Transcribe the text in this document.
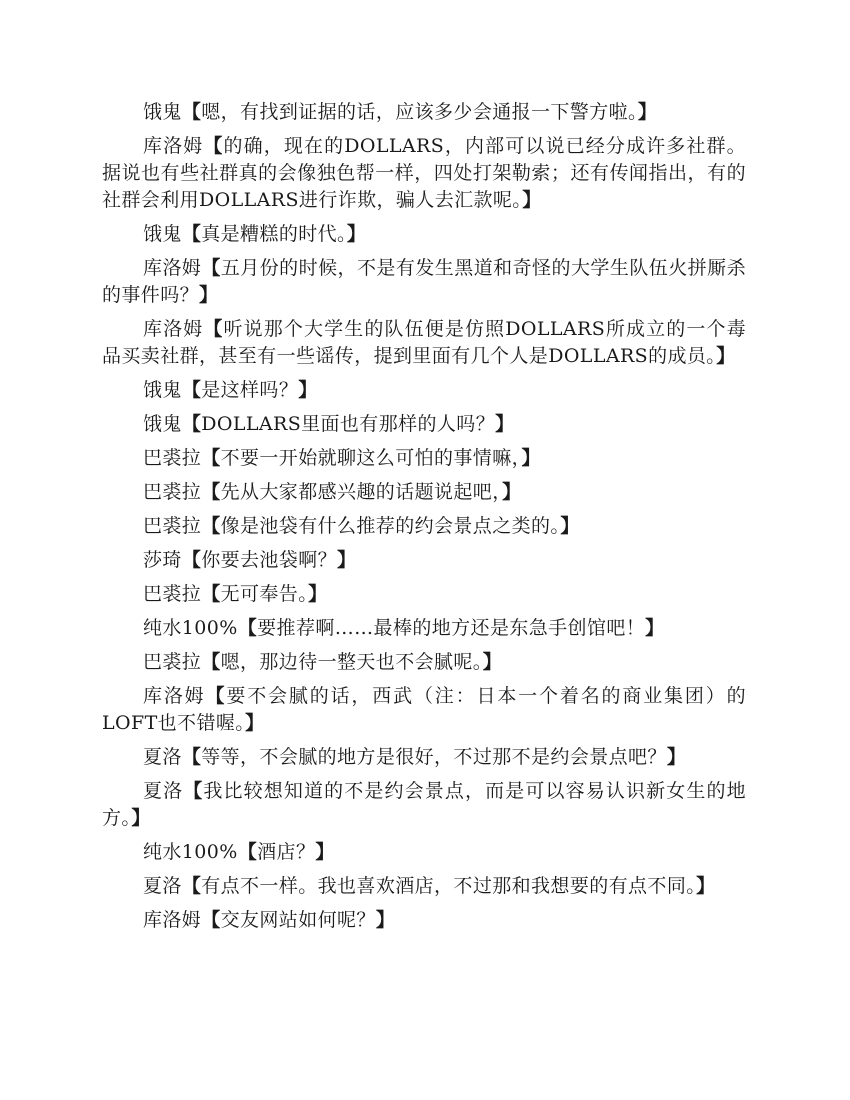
饿鬼【嗯，有找到证据的话，应该多少会通报一下警方啦。】

库洛姆【的确，现在的DOLLARS，内部可以说已经分成许多社群。据说也有些社群真的会像独色帮一样，四处打架勒索；还有传闻指出，有的社群会利用DOLLARS进行诈欺，骗人去汇款呢。】

饿鬼【真是糟糕的时代。】

库洛姆【五月份的时候，不是有发生黑道和奇怪的大学生队伍火拼厮杀的事件吗？】

库洛姆【听说那个大学生的队伍便是仿照DOLLARS所成立的一个毒品买卖社群，甚至有一些谣传，提到里面有几个人是DOLLARS的成员。】

饿鬼【是这样吗？】

饿鬼【DOLLARS里面也有那样的人吗？】

巴裘拉【不要一开始就聊这么可怕的事情嘛，】

巴裘拉【先从大家都感兴趣的话题说起吧，】

巴裘拉【像是池袋有什么推荐的约会景点之类的。】

莎琦【你要去池袋啊？】

巴裘拉【无可奉告。】

纯水100%【要推荐啊……最棒的地方还是东急手创馆吧！】

巴裘拉【嗯，那边待一整天也不会腻呢。】

库洛姆【要不会腻的话，西武（注：日本一个着名的商业集团）的LOFT也不错喔。】

夏洛【等等，不会腻的地方是很好，不过那不是约会景点吧？】

夏洛【我比较想知道的不是约会景点，而是可以容易认识新女生的地方。】

纯水100%【酒店？】

夏洛【有点不一样。我也喜欢酒店，不过那和我想要的有点不同。】

库洛姆【交友网站如何呢？】
